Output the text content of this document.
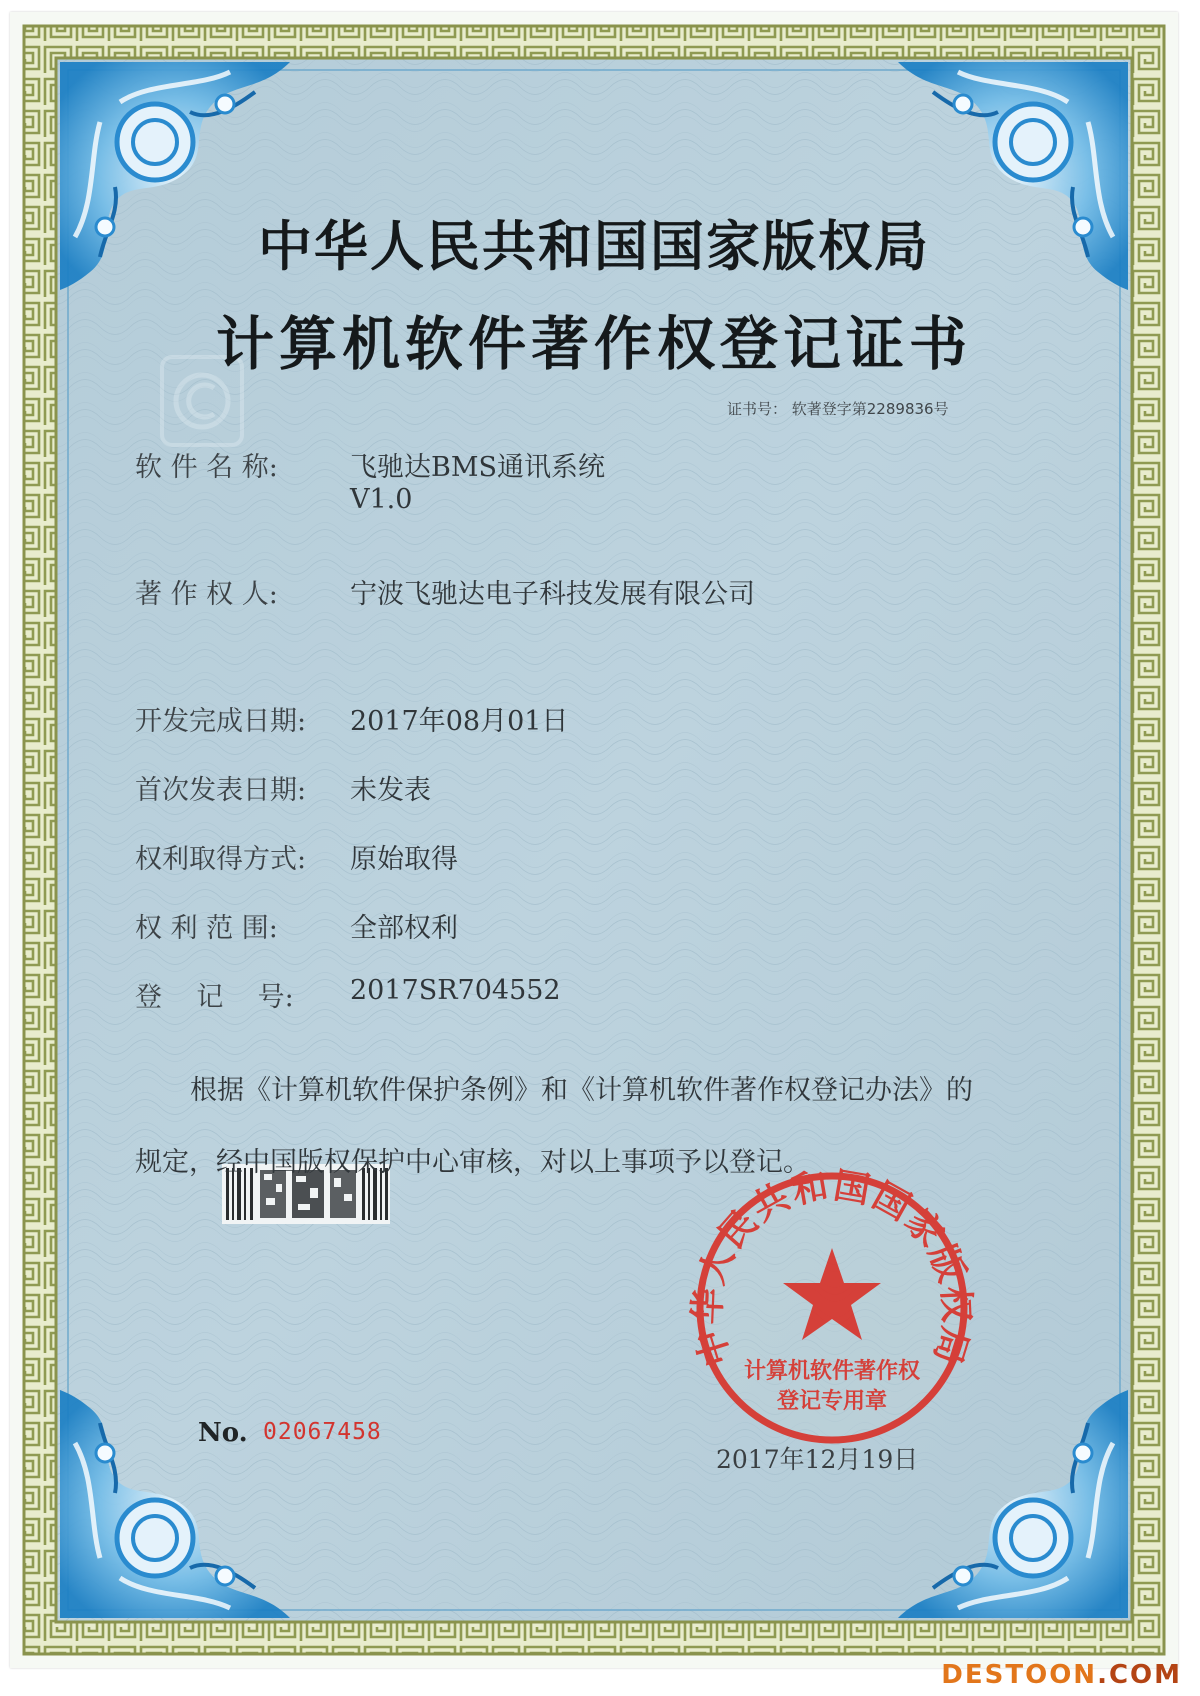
中华人民共和国国家版权局
计算机软件著作权
登记专用章
中华人民共和国国家版权局
计算机软件著作权登记证书
证书号： 软著登字第2289836号
软 件 名 称:	飞驰达BMS通讯系统
V1.0
著 作 权 人:	宁波飞驰达电子科技发展有限公司
开发完成日期: 2017年08月01日
首次发表日期: 未发表
权利取得方式: 原始取得
权 利 范 围:	全部权利
登    记    号: 2017SR704552
根据《计算机软件保护条例》和《计算机软件著作权登记办法》的
规定，经中国版权保护中心审核，对以上事项予以登记。
No. 02067458
2017年12月19日
DESTOON.COM
